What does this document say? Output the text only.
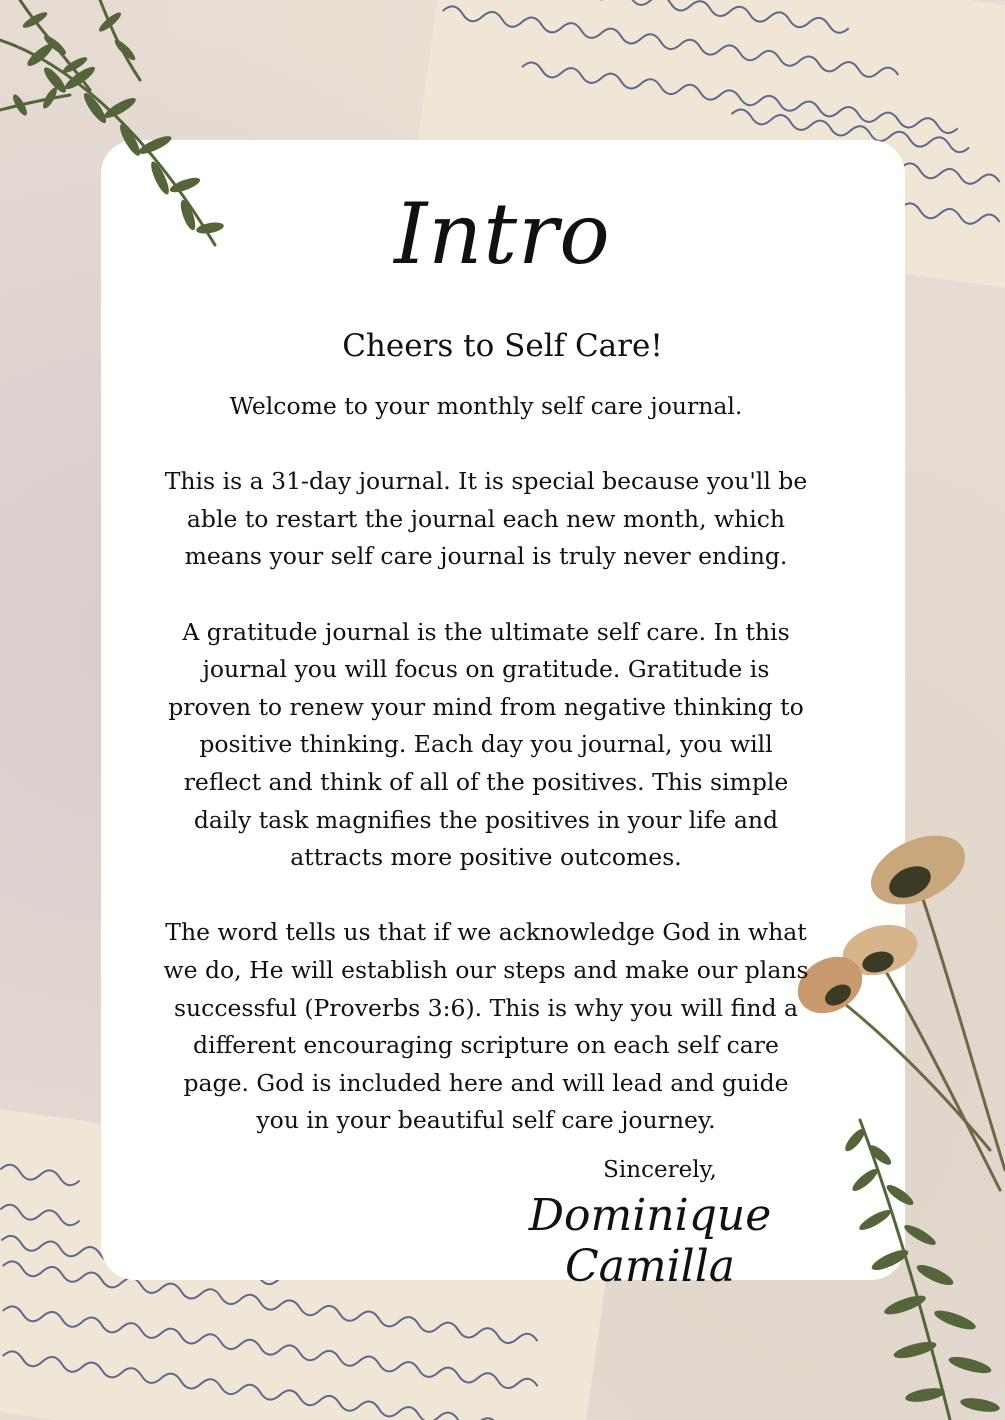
Intro
Cheers to Self Care!

Welcome to your monthly self care journal.

This is a 31-day journal. It is special because you'll be able to restart the journal each new month, which means your self care journal is truly never ending.

A gratitude journal is the ultimate self care. In this journal you will focus on gratitude. Gratitude is proven to renew your mind from negative thinking to positive thinking. Each day you journal, you will reflect and think of all of the positives. This simple daily task magnifies the positives in your life and attracts more positive outcomes.

The word tells us that if we acknowledge God in what we do, He will establish our steps and make our plans successful (Proverbs 3:6). This is why you will find a different encouraging scripture on each self care page. God is included here and will lead and guide you in your beautiful self care journey.

Sincerely,
Dominique Camilla
